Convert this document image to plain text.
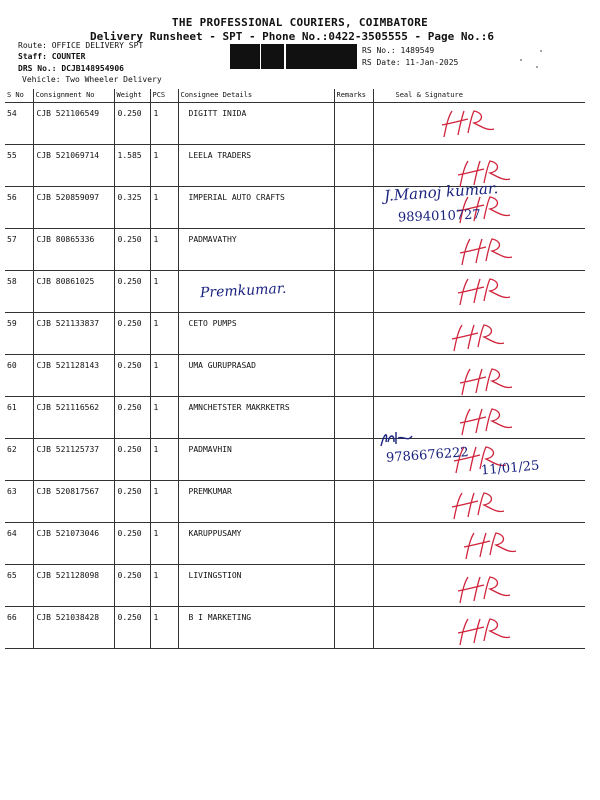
THE PROFESSIONAL COURIERS, COIMBATORE
Delivery Runsheet - SPT - Phone No.:0422-3505555 - Page No.:6
Route: OFFICE DELIVERY SPT
Staff: COUNTER
DRS No.: DCJB148954906
Vehicle: Two Wheeler Delivery
RS No.: 1489549
RS Date: 11-Jan-2025
S No	Consignment No	Weight	PCS	Consignee Details	Remarks	Seal & Signature
54	CJB 521106549	0.250	1	DIGITT INIDA		

55	CJB 521069714	1.585	1	LEELA TRADERS		

56	CJB 520859097	0.325	1	IMPERIAL AUTO CRAFTS		

57	CJB 80865336	0.250	1	PADMAVATHY		

58	CJB 80861025	0.250	1			

59	CJB 521133837	0.250	1	CETO PUMPS		

60	CJB 521128143	0.250	1	UMA GURUPRASAD		

61	CJB 521116562	0.250	1	AMNCHETSTER MAKRKETRS		

62	CJB 521125737	0.250	1	PADMAVHIN		

63	CJB 520817567	0.250	1	PREMKUMAR		

64	CJB 521073046	0.250	1	KARUPPUSAMY		

65	CJB 521128098	0.250	1	LIVINGSTION		

66	CJB 521038428	0.250	1	B I MARKETING		
J.Manoj kumar.
9894010727
Premkumar.
9786676222
11/01/25
